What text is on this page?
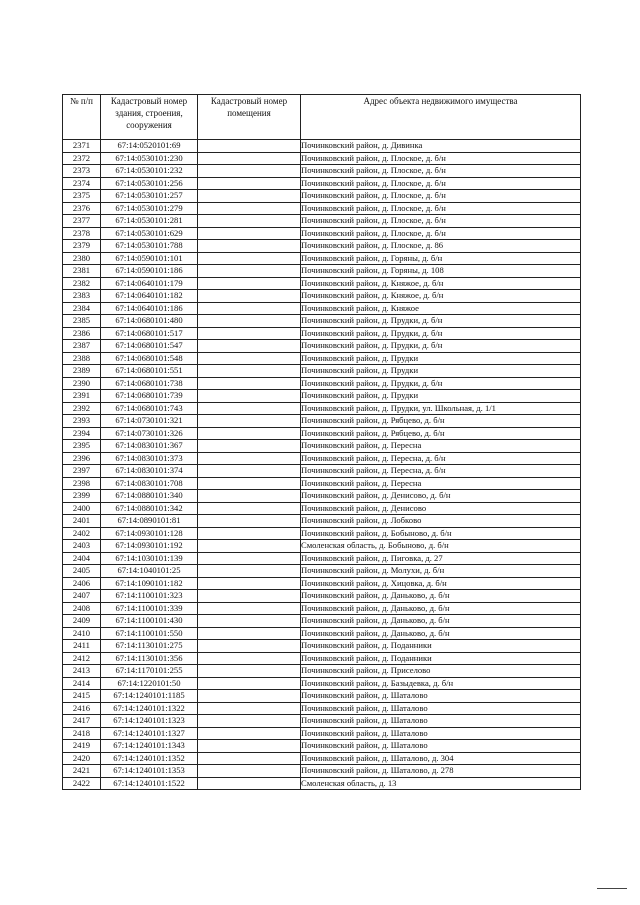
№ п/п	Кадастровый номер здания, строения, сооружения	Кадастровый номер помещения	Адрес объекта недвижимого имущества
2371	67:14:0520101:69		Починковский район, д. Дивинка
2372	67:14:0530101:230		Починковский район, д. Плоское, д. б/н
2373	67:14:0530101:232		Починковский район, д. Плоское, д. б/н
2374	67:14:0530101:256		Починковский район, д. Плоское, д. б/н
2375	67:14:0530101:257		Починковский район, д. Плоское, д. б/н
2376	67:14:0530101:279		Починковский район, д. Плоское, д. б/н
2377	67:14:0530101:281		Починковский район, д. Плоское, д. б/н
2378	67:14:0530101:629		Починковский район, д. Плоское, д. б/н
2379	67:14:0530101:788		Починковский район, д. Плоское, д. 86
2380	67:14:0590101:101		Починковский район, д. Горяны, д. б/н
2381	67:14:0590101:186		Починковский район, д. Горяны, д. 108
2382	67:14:0640101:179		Починковский район, д. Княжое, д. б/н
2383	67:14:0640101:182		Починковский район, д. Княжое, д. б/н
2384	67:14:0640101:186		Починковский район, д. Княжое
2385	67:14:0680101:480		Починковский район, д. Прудки, д. б/н
2386	67:14:0680101:517		Починковский район, д. Прудки, д. б/н
2387	67:14:0680101:547		Починковский район, д. Прудки, д. б/н
2388	67:14:0680101:548		Починковский район, д. Прудки
2389	67:14:0680101:551		Починковский район, д. Прудки
2390	67:14:0680101:738		Починковский район, д. Прудки, д. б/н
2391	67:14:0680101:739		Починковский район, д. Прудки
2392	67:14:0680101:743		Починковский район, д. Прудки, ул. Школьная, д. 1/1
2393	67:14:0730101:321		Починковский район, д. Рябцево, д. б/н
2394	67:14:0730101:326		Починковский район, д. Рябцево, д. б/н
2395	67:14:0830101:367		Починковский район, д. Пересна
2396	67:14:0830101:373		Починковский район, д. Пересна, д. б/н
2397	67:14:0830101:374		Починковский район, д. Пересна, д. б/н
2398	67:14:0830101:708		Починковский район, д. Пересна
2399	67:14:0880101:340		Починковский район, д. Денисово, д. б/н
2400	67:14:0880101:342		Починковский район, д. Денисово
2401	67:14:0890101:81		Починковский район, д. Лобково
2402	67:14:0930101:128		Починковский район, д. Бобыново, д. б/н
2403	67:14:0930101:192		Смоленская область, д. Бобыново, д. б/н
2404	67:14:1030101:139		Починковский район, д. Пиговка, д. 27
2405	67:14:1040101:25		Починковский район, д. Молухи, д. б/н
2406	67:14:1090101:182		Починковский район, д. Хицовка, д. б/н
2407	67:14:1100101:323		Починковский район, д. Даньково, д. б/н
2408	67:14:1100101:339		Починковский район, д. Даньково, д. б/н
2409	67:14:1100101:430		Починковский район, д. Даньково, д. б/н
2410	67:14:1100101:550		Починковский район, д. Даньково, д. б/н
2411	67:14:1130101:275		Починковский район, д. Поданники
2412	67:14:1130101:356		Починковский район, д. Поданники
2413	67:14:1170101:255		Починковский район, д. Приселово
2414	67:14:1220101:50		Починковский район, д. Базыдевка, д. б/н
2415	67:14:1240101:1185		Починковский район, д. Шаталово
2416	67:14:1240101:1322		Починковский район, д. Шаталово
2417	67:14:1240101:1323		Починковский район, д. Шаталово
2418	67:14:1240101:1327		Починковский район, д. Шаталово
2419	67:14:1240101:1343		Починковский район, д. Шаталово
2420	67:14:1240101:1352		Починковский район, д. Шаталово, д. 304
2421	67:14:1240101:1353		Починковский район, д. Шаталово, д. 278
2422	67:14:1240101:1522		Смоленская область, д. 13
